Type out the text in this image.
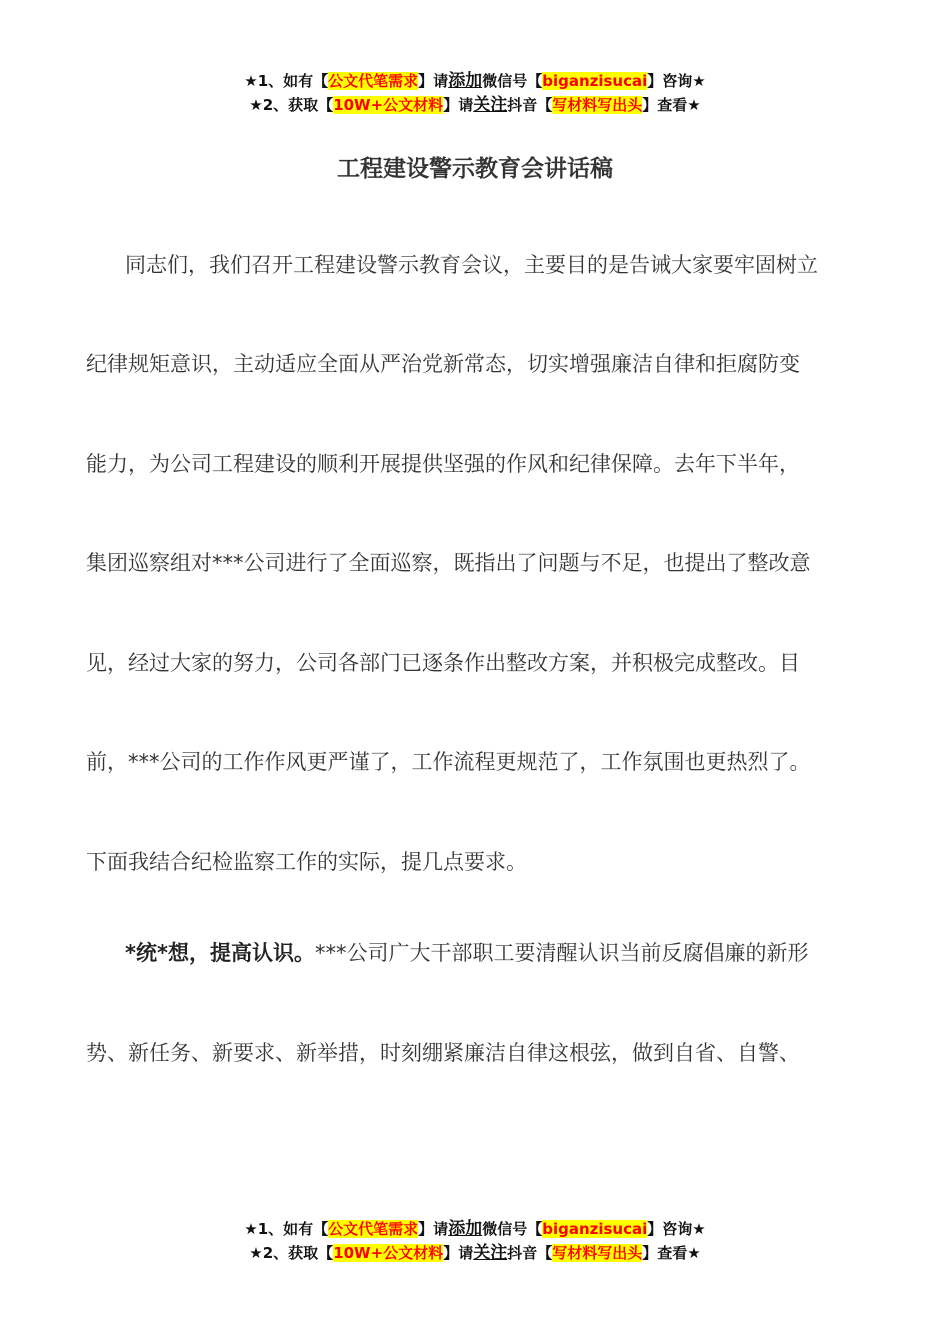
★1、如有【公文代笔需求】请添加微信号【biganzisucai】咨询★
★2、获取【10W+公文材料】请关注抖音【写材料写出头】查看★
工程建设警示教育会讲话稿
同志们，我们召开工程建设警示教育会议，主要目的是告诫大家要牢固树立
纪律规矩意识，主动适应全面从严治党新常态，切实增强廉洁自律和拒腐防变
能力，为公司工程建设的顺利开展提供坚强的作风和纪律保障。去年下半年，
集团巡察组对***公司进行了全面巡察，既指出了问题与不足，也提出了整改意
见，经过大家的努力，公司各部门已逐条作出整改方案，并积极完成整改。目
前，***公司的工作作风更严谨了，工作流程更规范了，工作氛围也更热烈了。
下面我结合纪检监察工作的实际，提几点要求。
*统*想，提高认识。***公司广大干部职工要清醒认识当前反腐倡廉的新形
势、新任务、新要求、新举措，时刻绷紧廉洁自律这根弦，做到自省、自警、
★1、如有【公文代笔需求】请添加微信号【biganzisucai】咨询★
★2、获取【10W+公文材料】请关注抖音【写材料写出头】查看★
